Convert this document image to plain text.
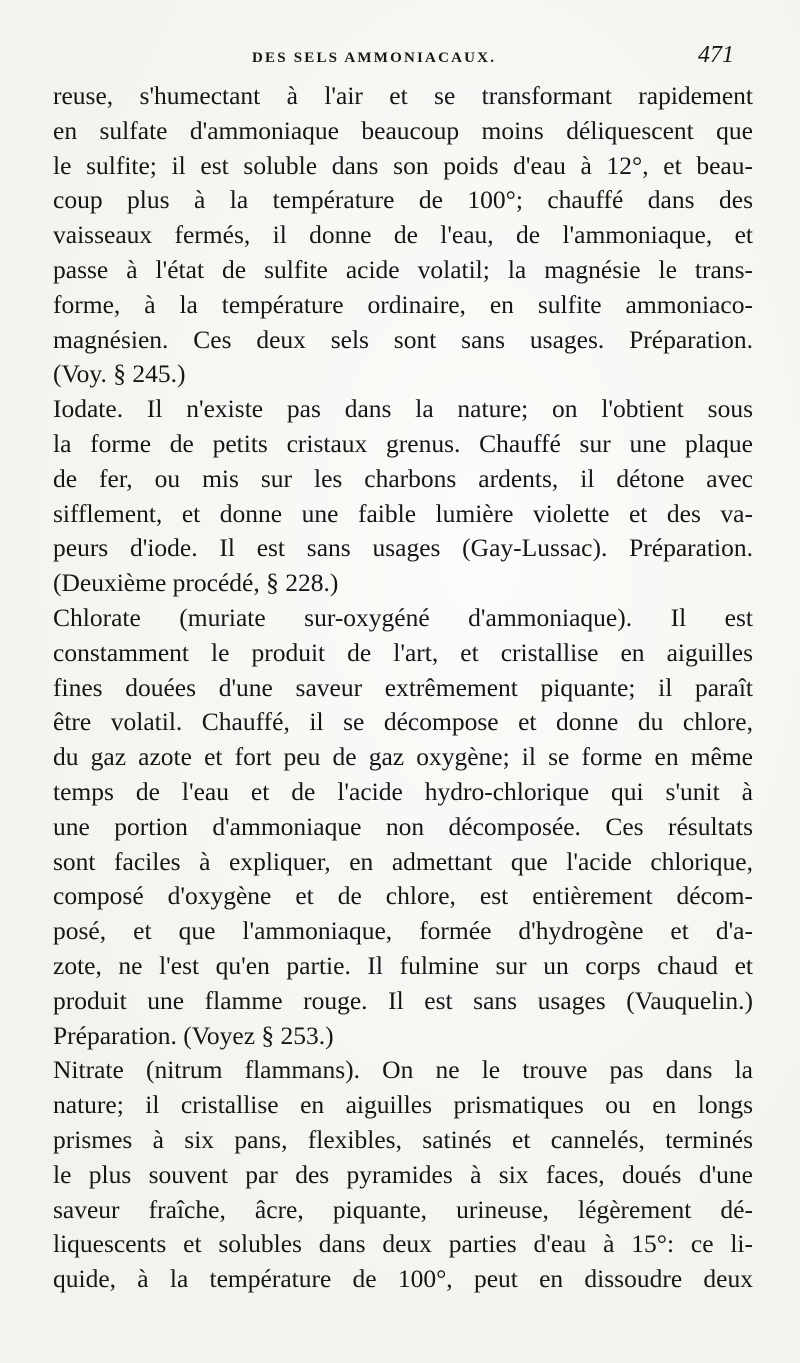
DES SELS AMMONIACAUX.	471
reuse, s'humectant à l'air et se transformant rapidement
en sulfate d'ammoniaque beaucoup moins déliquescent que
le sulfite; il est soluble dans son poids d'eau à 12°, et beau-
coup plus à la température de 100°; chauffé dans des
vaisseaux fermés, il donne de l'eau, de l'ammoniaque, et
passe à l'état de sulfite acide volatil; la magnésie le trans-
forme, à la température ordinaire, en sulfite ammoniaco-
magnésien. Ces deux sels sont sans usages. Préparation.
(Voy. § 245.)
Iodate. Il n'existe pas dans la nature; on l'obtient sous
la forme de petits cristaux grenus. Chauffé sur une plaque
de fer, ou mis sur les charbons ardents, il détone avec
sifflement, et donne une faible lumière violette et des va-
peurs d'iode. Il est sans usages (Gay-Lussac). Préparation.
(Deuxième procédé, § 228.)
Chlorate (muriate sur-oxygéné d'ammoniaque). Il est
constamment le produit de l'art, et cristallise en aiguilles
fines douées d'une saveur extrêmement piquante; il paraît
être volatil. Chauffé, il se décompose et donne du chlore,
du gaz azote et fort peu de gaz oxygène; il se forme en même
temps de l'eau et de l'acide hydro-chlorique qui s'unit à
une portion d'ammoniaque non décomposée. Ces résultats
sont faciles à expliquer, en admettant que l'acide chlorique,
composé d'oxygène et de chlore, est entièrement décom-
posé, et que l'ammoniaque, formée d'hydrogène et d'a-
zote, ne l'est qu'en partie. Il fulmine sur un corps chaud et
produit une flamme rouge. Il est sans usages (Vauquelin.)
Préparation. (Voyez § 253.)
Nitrate (nitrum flammans). On ne le trouve pas dans la
nature; il cristallise en aiguilles prismatiques ou en longs
prismes à six pans, flexibles, satinés et cannelés, terminés
le plus souvent par des pyramides à six faces, doués d'une
saveur fraîche, âcre, piquante, urineuse, légèrement dé-
liquescents et solubles dans deux parties d'eau à 15°: ce li-
quide, à la température de 100°, peut en dissoudre deux
